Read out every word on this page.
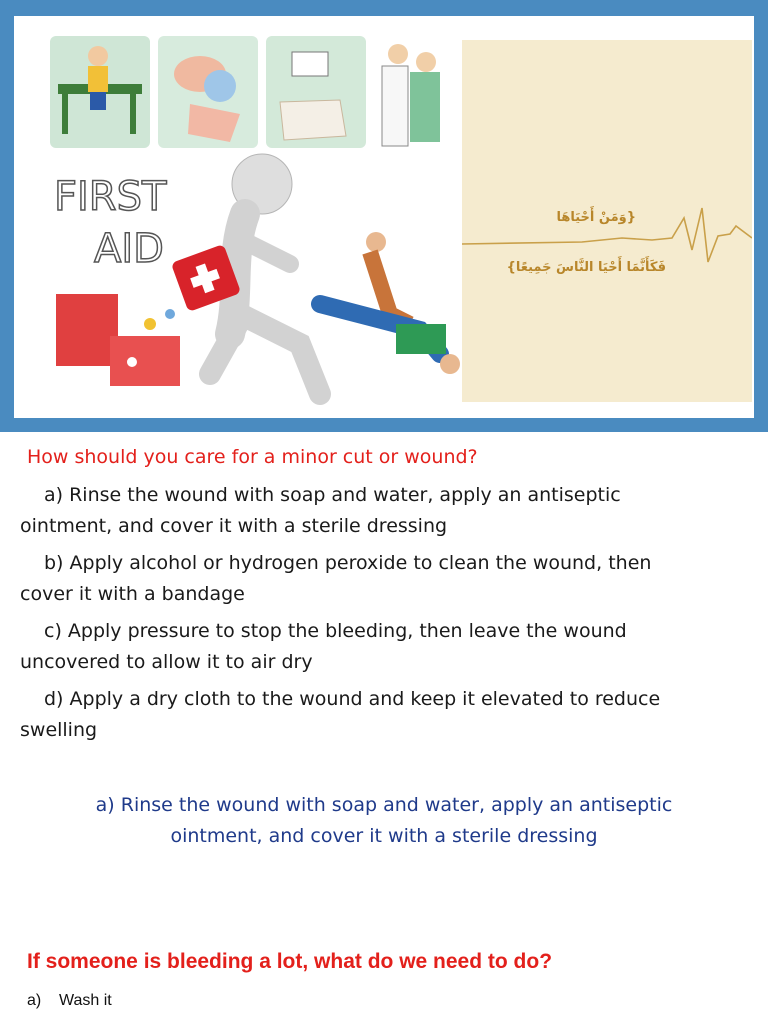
FIRST
AID
{وَمَنْ أَحْيَاهَا
فَكَأَنَّمَا أَحْيَا النَّاسَ جَمِيعًا}
How should you care for a minor cut or wound?
a) Rinse the wound with soap and water, apply an antiseptic
ointment, and cover it with a sterile dressing
b) Apply alcohol or hydrogen peroxide to clean the wound, then
cover it with a bandage
c) Apply pressure to stop the bleeding, then leave the wound
uncovered to allow it to air dry
d) Apply a dry cloth to the wound and keep it elevated to reduce
swelling
a) Rinse the wound with soap and water, apply an antiseptic
ointment, and cover it with a sterile dressing
If someone is bleeding a lot, what do we need to do?
a) Wash it
